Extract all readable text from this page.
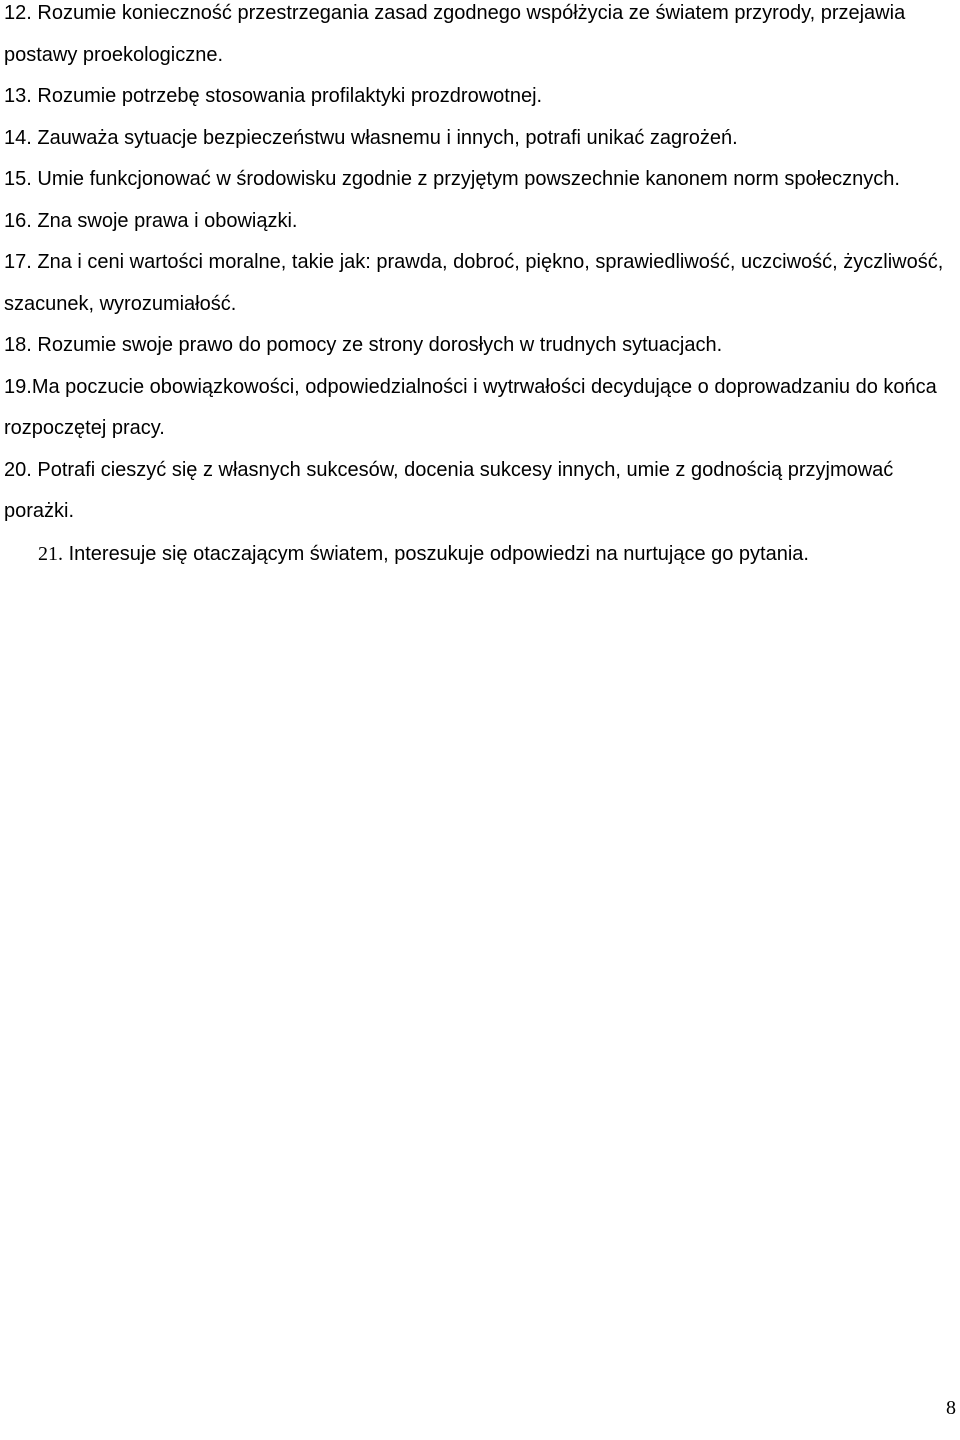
12. Rozumie konieczność przestrzegania zasad zgodnego współżycia ze światem przyrody, przejawia postawy proekologiczne.

13. Rozumie potrzebę stosowania profilaktyki prozdrowotnej.

14. Zauważa sytuacje bezpieczeństwu własnemu i innych, potrafi unikać zagrożeń.

15. Umie funkcjonować w środowisku zgodnie z przyjętym powszechnie kanonem norm społecznych.

16. Zna swoje prawa i obowiązki.

17. Zna i ceni wartości moralne, takie jak: prawda, dobroć, piękno, sprawiedliwość, uczciwość, życzliwość, szacunek, wyrozumiałość.

18. Rozumie swoje prawo do pomocy ze strony dorosłych w trudnych sytuacjach.

19.Ma poczucie obowiązkowości, odpowiedzialności i wytrwałości decydujące o doprowadzaniu do końca rozpoczętej pracy.

20. Potrafi cieszyć się z własnych sukcesów, docenia sukcesy innych, umie z godnością przyjmować porażki.

21. Interesuje się otaczającym światem, poszukuje odpowiedzi na nurtujące go pytania.

8
